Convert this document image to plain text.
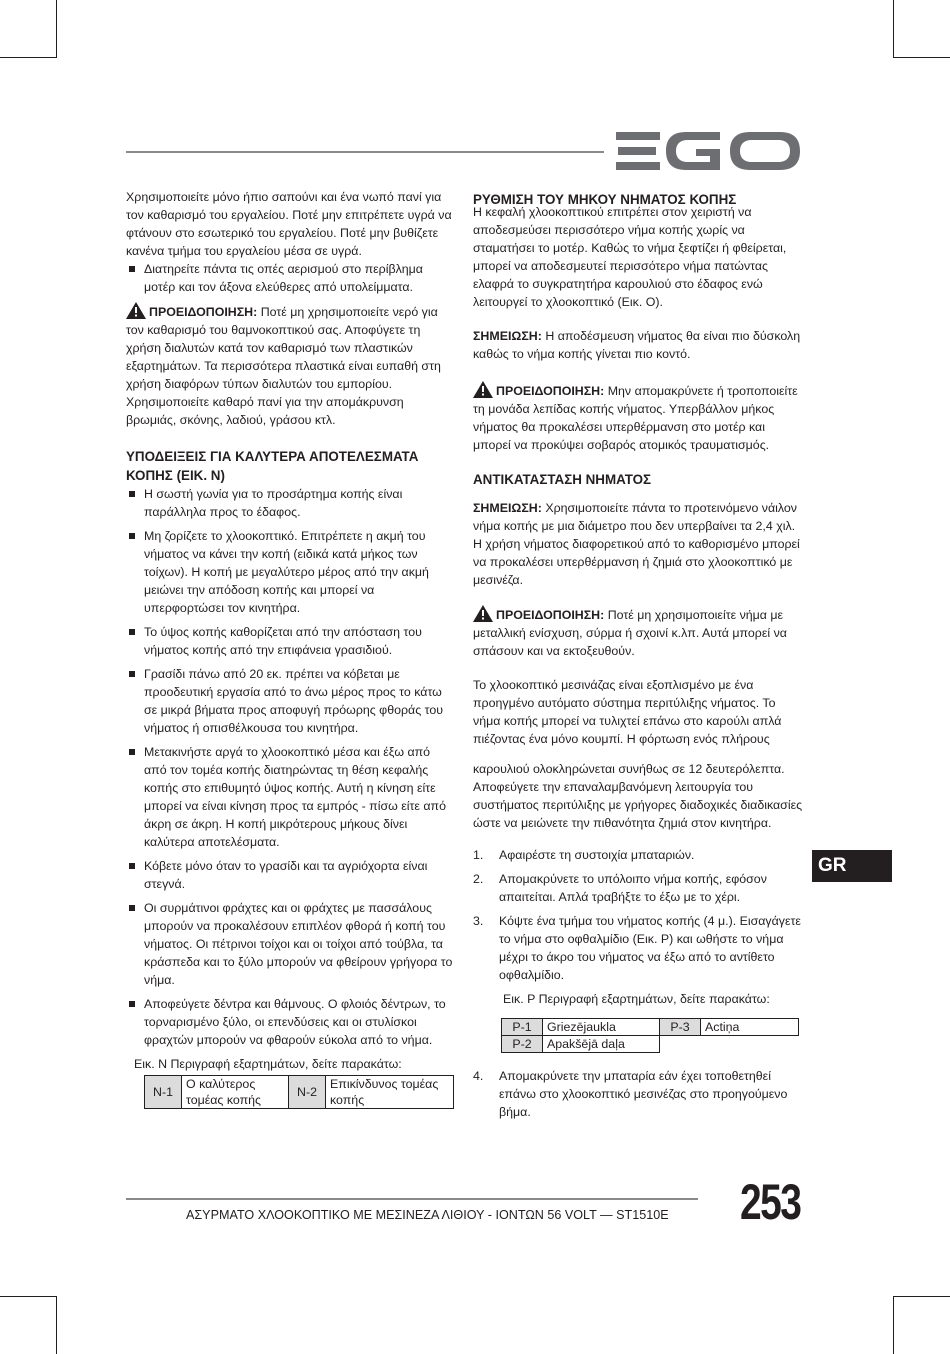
Χρησιμοποιείτε μόνο ήπιο σαπούνι και ένα νωπό πανί για τον καθαρισμό του εργαλείου. Ποτέ μην επιτρέπετε υγρά να φτάνουν στο εσωτερικό του εργαλείου. Ποτέ μην βυθίζετε κανένα τμήμα του εργαλείου μέσα σε υγρά.

Διατηρείτε πάντα τις οπές αερισμού στο περίβλημα μοτέρ και τον άξονα ελεύθερες από υπολείμματα.

ΠΡΟΕΙΔΟΠΟΙΗΣΗ: Ποτέ μη χρησιμοποιείτε νερό για τον καθαρισμό του θαμνοκοπτικού σας. Αποφύγετε τη χρήση διαλυτών κατά τον καθαρισμό των πλαστικών εξαρτημάτων. Τα περισσότερα πλαστικά είναι ευπαθή στη χρήση διαφόρων τύπων διαλυτών του εμπορίου. Χρησιμοποιείτε καθαρό πανί για την απομάκρυνση βρωμιάς, σκόνης, λαδιού, γράσου κτλ.

ΥΠΟΔΕΙΞΕΙΣ ΓΙΑ ΚΑΛΥΤΕΡΑ ΑΠΟΤΕΛΕΣΜΑΤΑ ΚΟΠΗΣ (ΕΙΚ. N)

Η σωστή γωνία για το προσάρτημα κοπής είναι παράλληλα προς το έδαφος.
Μη ζορίζετε το χλοοκοπτικό. Επιτρέπετε η ακμή του νήματος να κάνει την κοπή (ειδικά κατά μήκος των τοίχων). Η κοπή με μεγαλύτερο μέρος από την ακμή μειώνει την απόδοση κοπής και μπορεί να υπερφορτώσει τον κινητήρα.
Το ύψος κοπής καθορίζεται από την απόσταση του νήματος κοπής από την επιφάνεια γρασιδιού.
Γρασίδι πάνω από 20 εκ. πρέπει να κόβεται με προοδευτική εργασία από το άνω μέρος προς το κάτω σε μικρά βήματα προς αποφυγή πρόωρης φθοράς του νήματος ή οπισθέλκουσα του κινητήρα.
Μετακινήστε αργά το χλοοκοπτικό μέσα και έξω από από τον τομέα κοπής διατηρώντας τη θέση κεφαλής κοπής στο επιθυμητό ύψος κοπής. Αυτή η κίνηση είτε μπορεί να είναι κίνηση προς τα εμπρός - πίσω είτε από άκρη σε άκρη. Η κοπή μικρότερους μήκους δίνει καλύτερα αποτελέσματα.
Κόβετε μόνο όταν το γρασίδι και τα αγριόχορτα είναι στεγνά.
Οι συρμάτινοι φράχτες και οι φράχτες με πασσάλους μπορούν να προκαλέσουν επιπλέον φθορά ή κοπή του νήματος. Οι πέτρινοι τοίχοι και οι τοίχοι από τούβλα, τα κράσπεδα και το ξύλο μπορούν να φθείρουν γρήγορα το νήμα.
Αποφεύγετε δέντρα και θάμνους. Ο φλοιός δέντρων, το τορναρισμένο ξύλο, οι επενδύσεις και οι στυλίσκοι φραχτών μπορούν να φθαρούν εύκολα από το νήμα.

Εικ. N Περιγραφή εξαρτημάτων, δείτε παρακάτω:

N-1	Ο καλύτερος τομέας κοπής	N-2	Επικίνδυνος τομέας κοπής

ΡΥΘΜΙΣΗ ΤΟΥ ΜΗΚΟΥ ΝΗΜΑΤΟΣ ΚΟΠΗΣ

Η κεφαλή χλοοκοπτικού επιτρέπει στον χειριστή να αποδεσμεύσει περισσότερο νήμα κοπής χωρίς να σταματήσει το μοτέρ. Καθώς το νήμα ξεφτίζει ή φθείρεται, μπορεί να αποδεσμευτεί περισσότερο νήμα πατώντας ελαφρά το συγκρατητήρα καρουλιού στο έδαφος ενώ λειτουργεί το χλοοκοπτικό (Εικ. O).

ΣΗΜΕΙΩΣΗ: Η αποδέσμευση νήματος θα είναι πιο δύσκολη καθώς το νήμα κοπής γίνεται πιο κοντό.

ΠΡΟΕΙΔΟΠΟΙΗΣΗ: Μην απομακρύνετε ή τροποποιείτε τη μονάδα λεπίδας κοπής νήματος. Υπερβάλλον μήκος νήματος θα προκαλέσει υπερθέρμανση στο μοτέρ και μπορεί να προκύψει σοβαρός ατομικός τραυματισμός.

ΑΝΤΙΚΑΤΑΣΤΑΣΗ ΝΗΜΑΤΟΣ

ΣΗΜΕΙΩΣΗ: Χρησιμοποιείτε πάντα το προτεινόμενο νάιλον νήμα κοπής με μια διάμετρο που δεν υπερβαίνει τα 2,4 χιλ. Η χρήση νήματος διαφορετικού από το καθορισμένο μπορεί να προκαλέσει υπερθέρμανση ή ζημιά στο χλοοκοπτικό με μεσινέζα.

ΠΡΟΕΙΔΟΠΟΙΗΣΗ: Ποτέ μη χρησιμοποιείτε νήμα με μεταλλική ενίσχυση, σύρμα ή σχοινί κ.λπ. Αυτά μπορεί να σπάσουν και να εκτοξευθούν.

Το χλοοκοπτικό μεσινάζας είναι εξοπλισμένο με ένα προηγμένο αυτόματο σύστημα περιτύλιξης νήματος. Το νήμα κοπής μπορεί να τυλιχτεί επάνω στο καρούλι απλά πιέζοντας ένα μόνο κουμπί. Η φόρτωση ενός πλήρους

καρουλιού ολοκληρώνεται συνήθως σε 12 δευτερόλεπτα. Αποφεύγετε την επαναλαμβανόμενη λειτουργία του συστήματος περιτύλιξης με γρήγορες διαδοχικές διαδικασίες ώστε να μειώνετε την πιθανότητα ζημιά στον κινητήρα.

1. Αφαιρέστε τη συστοιχία μπαταριών.
2. Απομακρύνετε το υπόλοιπο νήμα κοπής, εφόσον απαιτείται. Απλά τραβήξτε το έξω με το χέρι.
3. Κόψτε ένα τμήμα του νήματος κοπής (4 μ.). Εισαγάγετε το νήμα στο οφθαλμίδιο (Εικ. P) και ωθήστε το νήμα μέχρι το άκρο του νήματος να έξω από το αντίθετο οφθαλμίδιο.

Εικ. P Περιγραφή εξαρτημάτων, δείτε παρακάτω:

P-1	Griezējaukla	P-3	Actiņa
P-2	Apakšējā daļa		
4. Απομακρύνετε την μπαταρία εάν έχει τοποθετηθεί επάνω στο χλοοκοπτικό μεσινέζας στο προηγούμενο βήμα.
GR
ΑΣΥΡΜΑΤΟ ΧΛΟΟΚΟΠΤΙΚΟ ΜΕ ΜΕΣΙΝΕΖΑ ΛΙΘΙΟΥ - ΙΟΝΤΩΝ 56 VOLT — ST1510E 253
